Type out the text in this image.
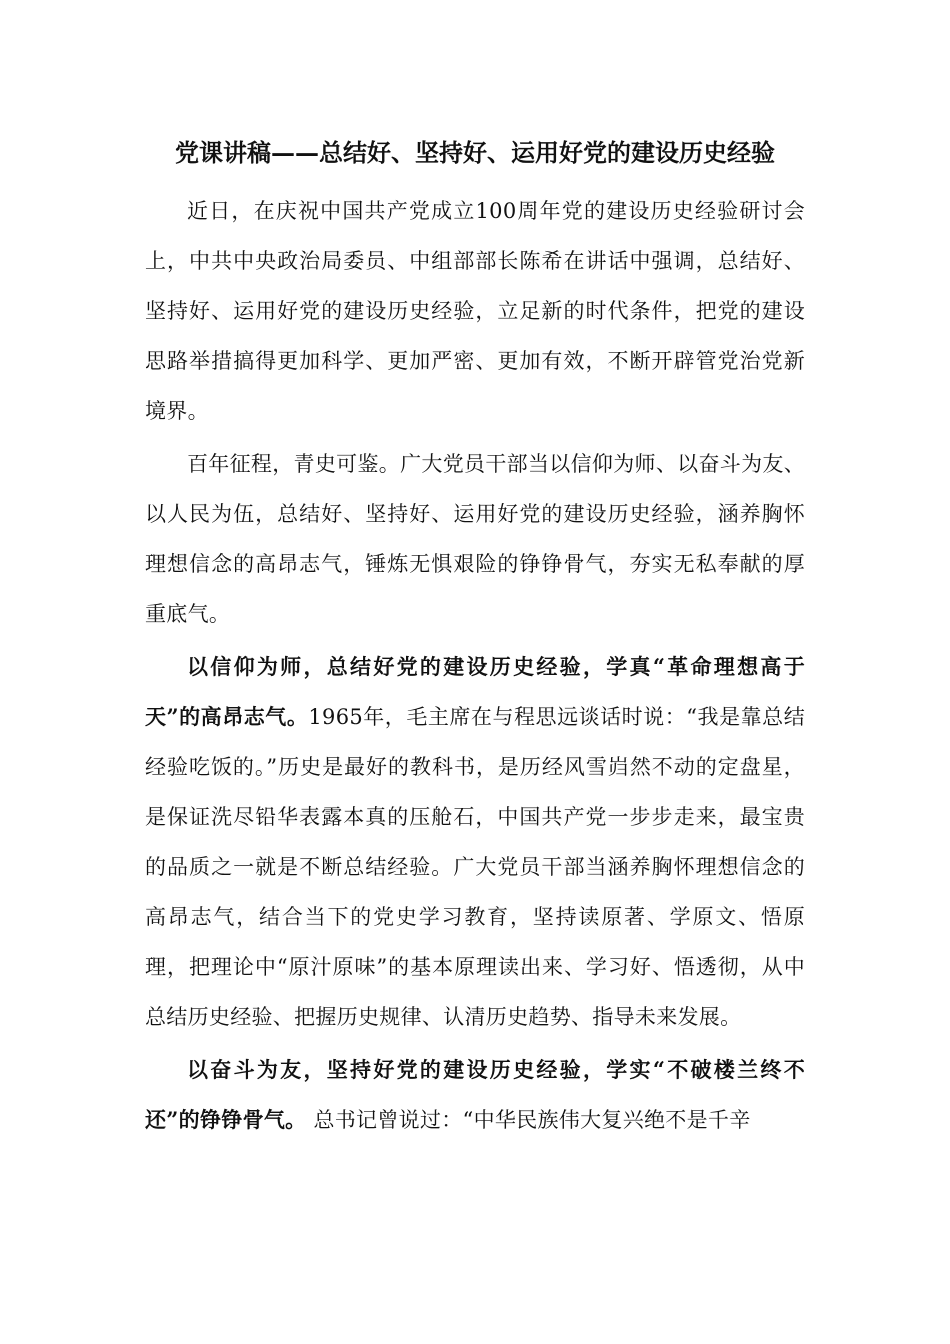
党课讲稿——总结好、坚持好、运用好党的建设历史经验

近日，在庆祝中国共产党成立100周年党的建设历史经验研讨会上，中共中央政治局委员、中组部部长陈希在讲话中强调，总结好、坚持好、运用好党的建设历史经验，立足新的时代条件，把党的建设思路举措搞得更加科学、更加严密、更加有效，不断开辟管党治党新境界。

百年征程，青史可鉴。广大党员干部当以信仰为师、以奋斗为友、以人民为伍，总结好、坚持好、运用好党的建设历史经验，涵养胸怀理想信念的高昂志气，锤炼无惧艰险的铮铮骨气，夯实无私奉献的厚重底气。

以信仰为师，总结好党的建设历史经验，学真“革命理想高于天”的高昂志气。1965年，毛主席在与程思远谈话时说：“我是靠总结经验吃饭的。”历史是最好的教科书，是历经风雪岿然不动的定盘星，是保证洗尽铅华表露本真的压舱石，中国共产党一步步走来，最宝贵的品质之一就是不断总结经验。广大党员干部当涵养胸怀理想信念的高昂志气，结合当下的党史学习教育，坚持读原著、学原文、悟原理，把理论中“原汁原味”的基本原理读出来、学习好、悟透彻，从中总结历史经验、把握历史规律、认清历史趋势、指导未来发展。

以奋斗为友，坚持好党的建设历史经验，学实“不破楼兰终不还”的铮铮骨气。 总书记曾说过：“中华民族伟大复兴绝不是千辛
